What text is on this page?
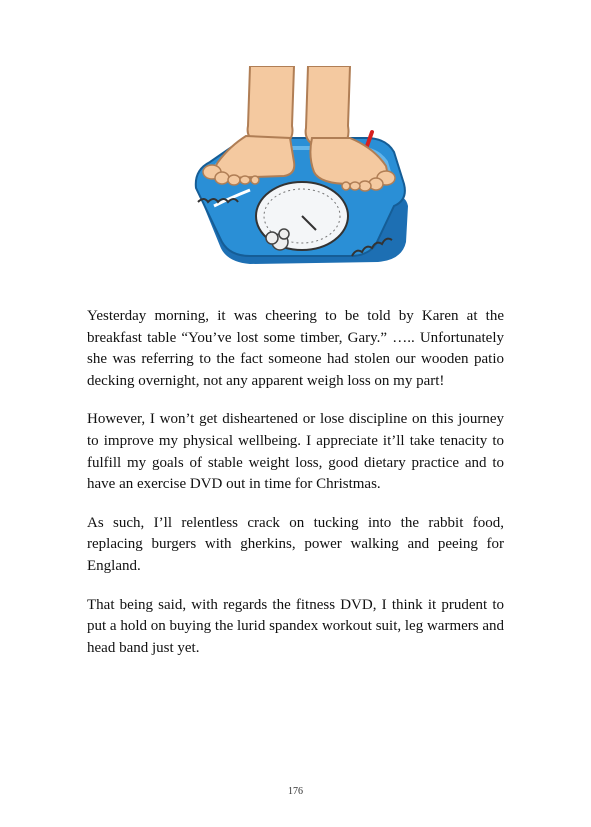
Yesterday morning, it was cheering to be told by Karen at the breakfast table “You’ve lost some timber, Gary.” ….. Unfortunately she was referring to the fact someone had stolen our wooden patio decking overnight, not any apparent weigh loss on my part!

However, I won’t get disheartened or lose discipline on this journey to improve my physical wellbeing. I appreciate it’ll take tenacity to fulfill my goals of stable weight loss, good dietary practice and to have an exercise DVD out in time for Christmas.

As such, I’ll relentless crack on tucking into the rabbit food, replacing burgers with gherkins, power walking and peeing for England.

That being said, with regards the fitness DVD, I think it prudent to put a hold on buying the lurid spandex workout suit, leg warmers and head band just yet.

176
